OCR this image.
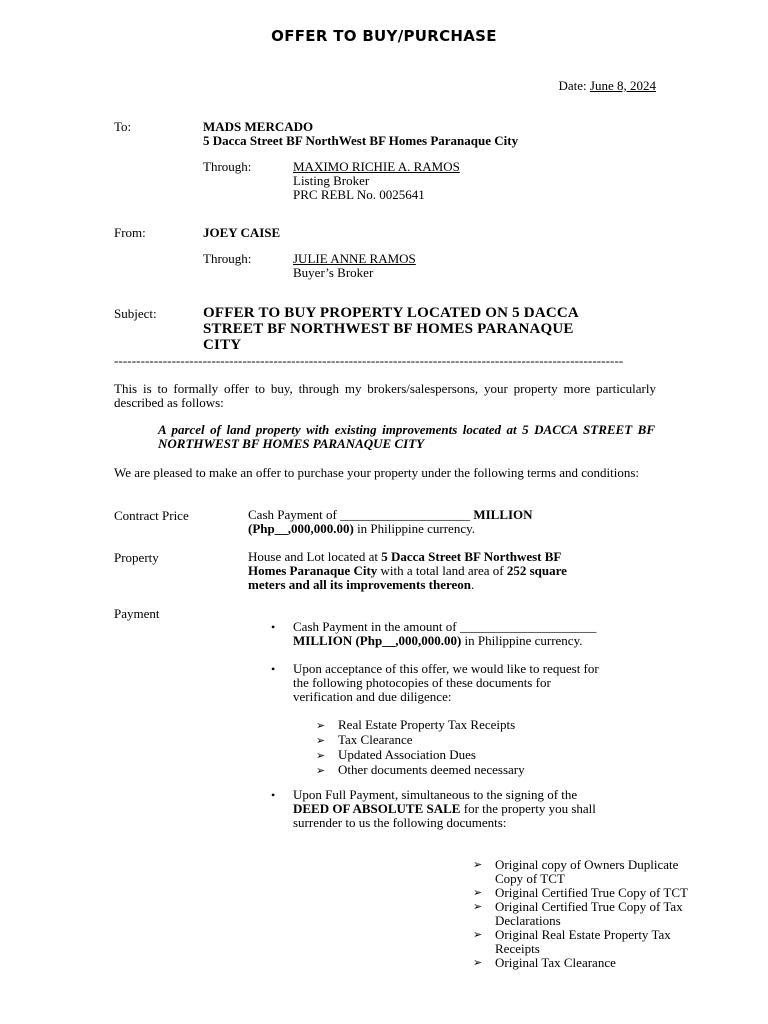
OFFER TO BUY/PURCHASE
Date: June 8, 2024
To:	MADS MERCADO
5 Dacca Street BF NorthWest BF Homes Paranaque City
Through:	MAXIMO RICHIE A. RAMOS
Listing Broker
PRC REBL No. 0025641
From:	JOEY CAISE
Through:	JULIE ANNE RAMOS
Buyer’s Broker
Subject:	OFFER TO BUY PROPERTY LOCATED ON 5 DACCA
STREET BF NORTHWEST BF HOMES PARANAQUE
CITY
-------------------------------------------------------------------------------------------------------------------
This is to formally offer to buy, through my brokers/salespersons, your property more particularly described as follows:
A parcel of land property with existing improvements located at 5 DACCA STREET BF NORTHWEST BF HOMES PARANAQUE CITY
We are pleased to make an offer to purchase your property under the following terms and conditions:
Contract Price	Cash Payment of ____________________ MILLION
(Php__,000,000.00) in Philippine currency.
Property	House and Lot located at 5 Dacca Street BF Northwest BF
Homes Paranaque City with a total land area of 252 square
meters and all its improvements thereon.
Payment
• Cash Payment in the amount of _____________________
MILLION (Php__,000,000.00) in Philippine currency.
• Upon acceptance of this offer, we would like to request for
the following photocopies of these documents for
verification and due diligence:
➢ Real Estate Property Tax Receipts
➢ Tax Clearance
➢ Updated Association Dues
➢ Other documents deemed necessary
• Upon Full Payment, simultaneous to the signing of the
DEED OF ABSOLUTE SALE for the property you shall
surrender to us the following documents:
➢ Original copy of Owners Duplicate Copy of TCT
➢ Original Certified True Copy of TCT
➢ Original Certified True Copy of Tax Declarations
➢ Original Real Estate Property Tax Receipts
➢ Original Tax Clearance
